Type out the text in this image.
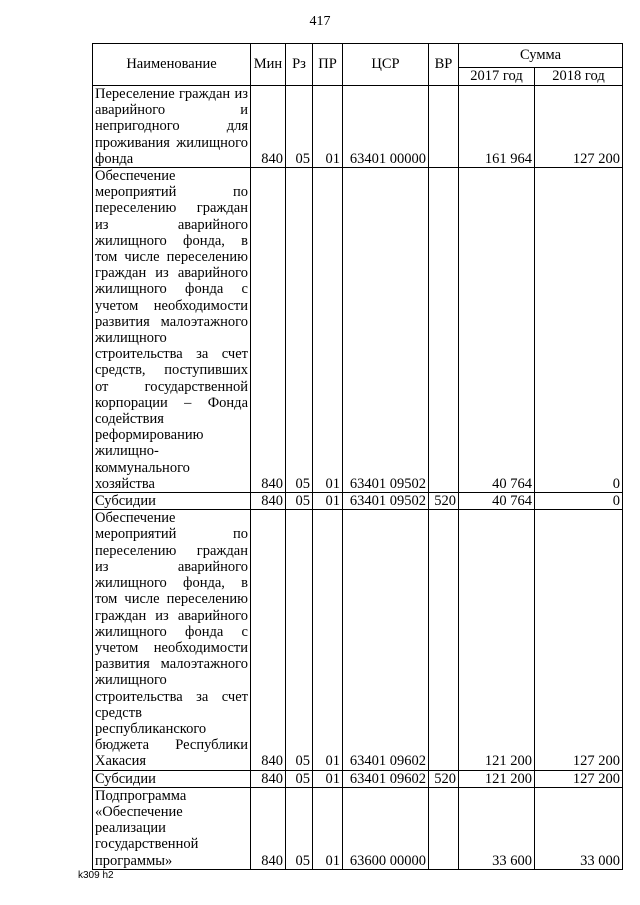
417
Наименование	Мин	Рз	ПР	ЦСР	ВР	Сумма	
						2017 год	2018 год
Переселение граждан из аварийного и непригодного для проживания жилищного фонда	840	05	01	63401 00000		161 964	127 200
Обеспечение мероприятий по переселению граждан из аварийного жилищного фонда, в том числе переселению граждан из аварийного жилищного фонда с учетом необходимости развития малоэтажного жилищного строительства за счет средств, поступивших от государственной корпорации – Фонда содействия реформированию жилищно-коммунального хозяйства	840	05	01	63401 09502		40 764	0
Субсидии	840	05	01	63401 09502	520	40 764	0
Обеспечение мероприятий по переселению граждан из аварийного жилищного фонда, в том числе переселению граждан из аварийного жилищного фонда с учетом необходимости развития малоэтажного жилищного строительства за счет средств республиканского бюджета Республики Хакасия	840	05	01	63401 09602		121 200	127 200
Субсидии	840	05	01	63401 09602	520	121 200	127 200
Подпрограмма «Обеспечение реализации государственной программы»	840	05	01	63600 00000		33 600	33 000
k309 h2
